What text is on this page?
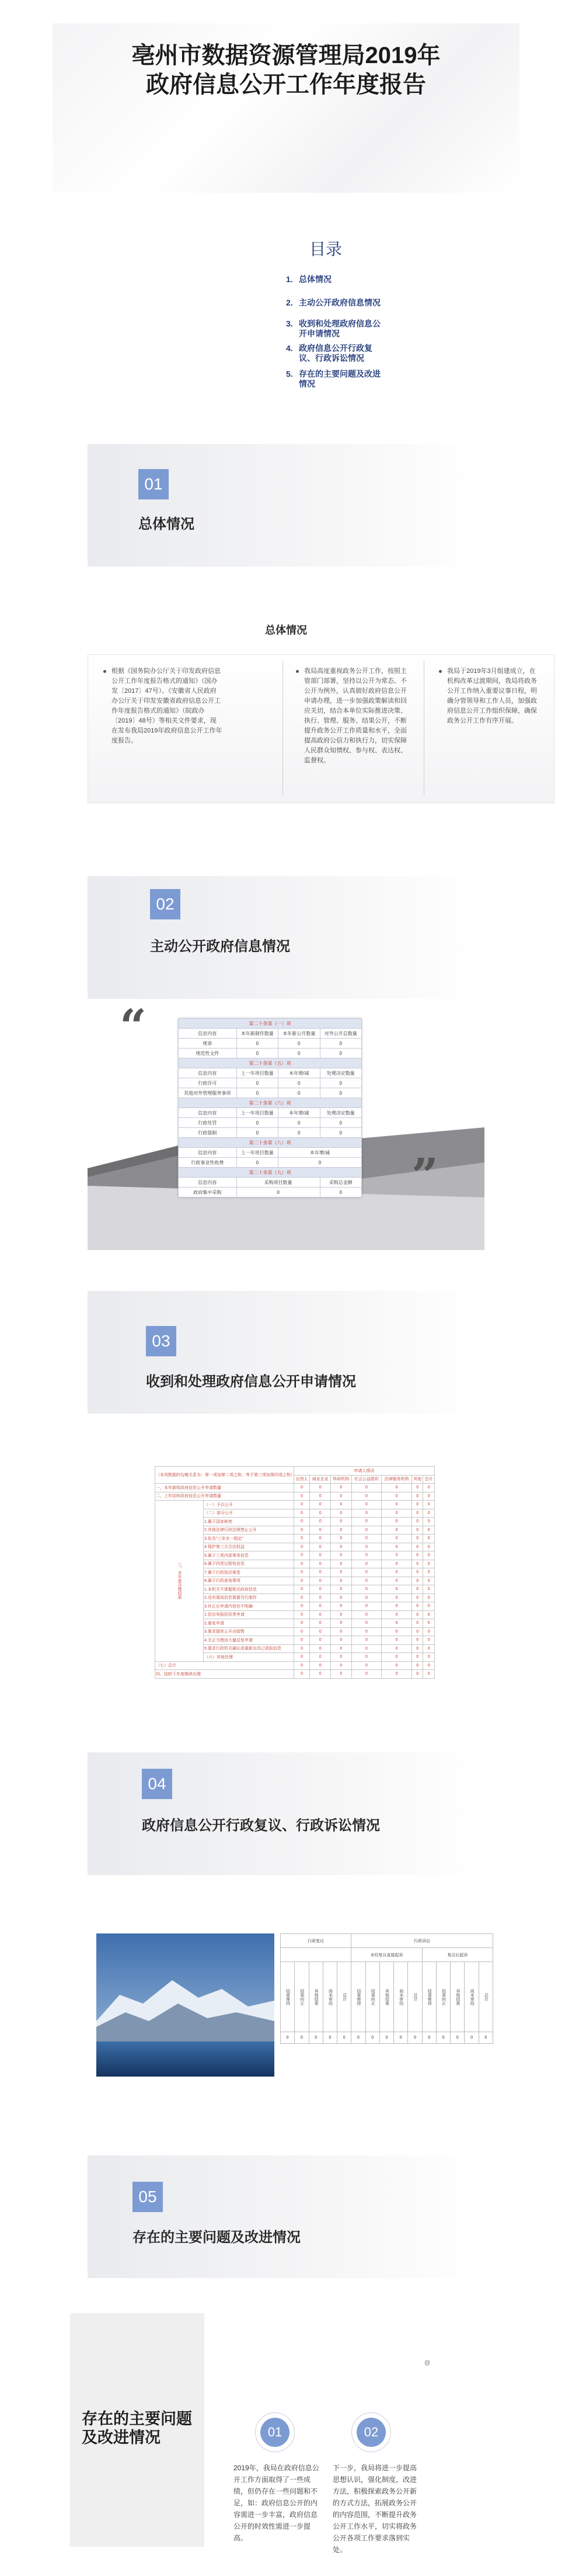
亳州市数据资源管理局2019年
政府信息公开工作年度报告
目录
1. 总体情况
2. 主动公开政府信息情况
3. 收到和处理政府信息公开申请情况
4. 政府信息公开行政复议、行政诉讼情况
5. 存在的主要问题及改进情况
01
总体情况
总体情况
根据《国务院办公厅关于印发政府信息公开工作年度报告格式的通知》（国办发〔2017〕47号）、《安徽省人民政府办公厅关于印发安徽省政府信息公开工作年度报告格式的通知》（皖政办〔2019〕48号）等相关文件要求，现在发布我局2019年政府信息公开工作年度报告。
我局高度重视政务公开工作，按照主管部门部署，坚持以公开为常态、不公开为例外，认真做好政府信息公开申请办理，进一步加强政策解读和回应关切，结合本单位实际推进决策、执行、管理、服务、结果公开，不断提升政务公开工作质量和水平，全面提高政府公信力和执行力，切实保障人民群众知情权、参与权、表达权、监督权。
我局于2019年3月组建成立，在机构改革过渡期间，我局将政务公开工作纳入重要议事日程，明确分管领导和工作人员，加强政府信息公开工作组织保障，确保政务公开工作有序开展。
02
主动公开政府信息情况
“
”
第二十条第（一）项			
信息内容	本年新制作数量	本年新公开数量	对外公开总数量
规章	0	0	0
规范性文件	0	0	0
第二十条第（五）项			
信息内容	上一年项目数量	本年增/减	处理决定数量
行政许可	0	0	0
其他对外管理服务事项	0	0	0
第二十条第（六）项			
信息内容	上一年项目数量	本年增/减	处理决定数量
行政处罚	0	0	0
行政强制	0	0	0
第二十条第（八）项			
信息内容	上一年项目数量	本年增/减	
行政事业性收费	0	0	
第二十条第（九）项			
信息内容	采购项目数量		采购总金额
政府集中采购	0		0
03
收到和处理政府信息公开申请情况
（本列数据的勾稽关系为：第一项加第二项之和，等于第三项加第四项之和）		申请人情况						
		自然人	商业企业	科研机构	社会公益组织	法律服务机构	其他	总计
一、本年新收政府信息公开申请数量		0	0	0	0	0	0	0
二、上年结转政府信息公开申请数量		0	0	0	0	0	0	0
三、本年度办理结果	（一）予以公开	0	0	0	0	0	0	0
	（二）部分公开	0	0	0	0	0	0	0
	1.属于国家秘密	0	0	0	0	0	0	0
	2.其他法律行政法规禁止公开	0	0	0	0	0	0	0
	3.危及"三安全一稳定"	0	0	0	0	0	0	0
	4.保护第三方合法权益	0	0	0	0	0	0	0
	5.属于三类内部事务信息	0	0	0	0	0	0	0
	6.属于四类过程性信息	0	0	0	0	0	0	0
	7.属于行政执法案卷	0	0	0	0	0	0	0
	8.属于行政查询事项	0	0	0	0	0	0	0
	1.本机关不掌握相关政府信息	0	0	0	0	0	0	0
	2.没有现成信息需要另行制作	0	0	0	0	0	0	0
	3.补正后申请内容仍不明确	0	0	0	0	0	0	0
	1.信访举报投诉类申请	0	0	0	0	0	0	0
	2.重复申请	0	0	0	0	0	0	0
	3.要求提供公开出版物	0	0	0	0	0	0	0
	4.无正当理由大量反复申请	0	0	0	0	0	0	0
	5.要求行政机关确认或重新出具已获取信息	0	0	0	0	0	0	0
	（六）其他处理	0	0	0	0	0	0	0
（七）总计		0	0	0	0	0	0	0
四、结转下年度继续办理		0	0	0	0	0	0	0
04
政府信息公开行政复议、行政诉讼情况
行政复议					行政诉讼									
					未经复议直接起诉					复议后起诉				
结果维持	结果纠正	其他结果	尚未审结	总计	结果维持	结果纠正	其他结果	尚未审结	总计	结果维持	结果纠正	其他结果	尚未审结	总计
0	0	0	0	0	0	0	0	0	0	0	0	0	0	0
05
存在的主要问题及改进情况
存在的主要问题及改进情况	01
2019年，我局在政府信息公开工作方面取得了一些成绩，但仍存在一些问题和不足，如：政府信息公开的内容需进一步丰富，政府信息公开的时效性需进一步提高。
02
下一步，我局将进一步提高思想认识，强化制度，改进方法，积极探索政务公开新的方式方法，拓展政务公开的内容范围，不断提升政务公开工作水平，切实将政务公开各项工作要求落到实处。
@
